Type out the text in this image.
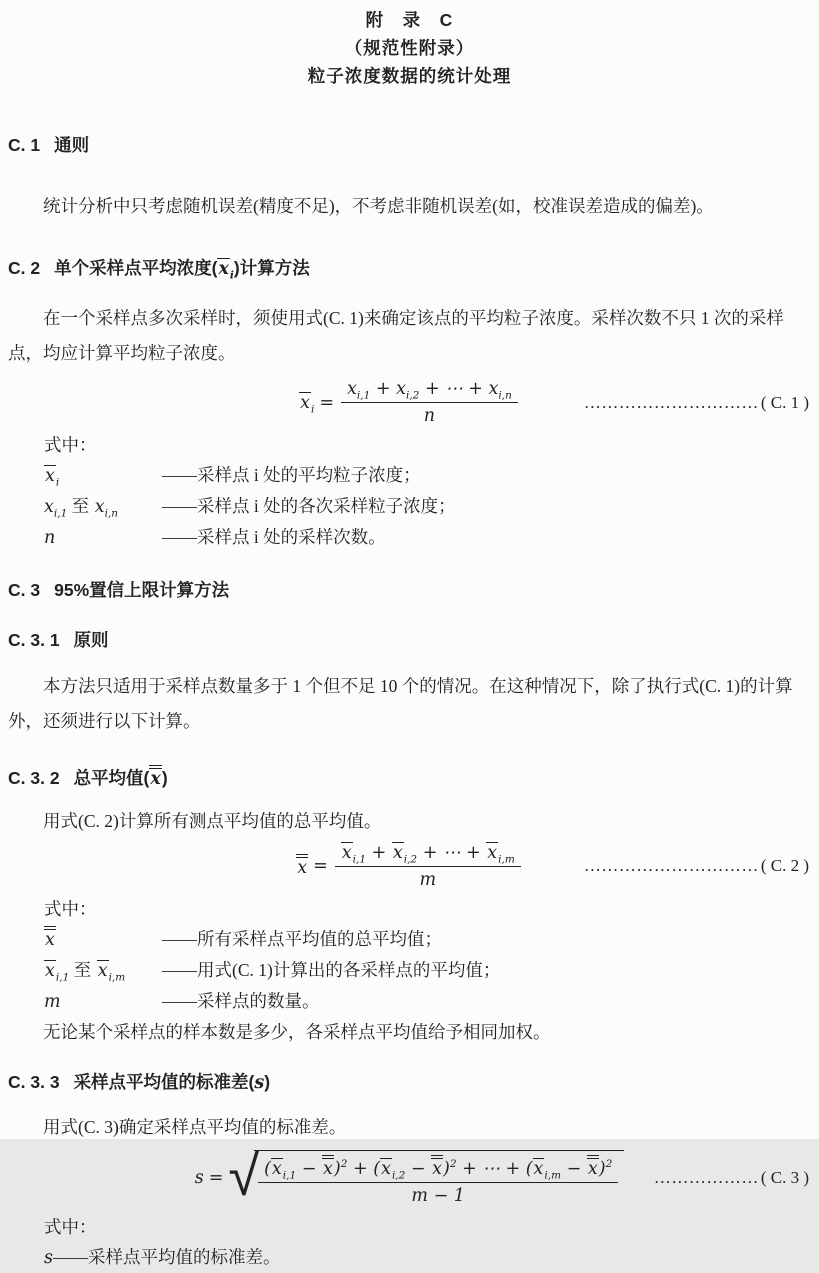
附　录　C
（规范性附录）
粒子浓度数据的统计处理
C. 1 通则

统计分析中只考虑随机误差(精度不足)，不考虑非随机误差(如，校准误差造成的偏差)。

C. 2 单个采样点平均浓度$(x_i)$计算方法

在一个采样点多次采样时，须使用式(C. 1)来确定该点的平均粒子浓度。采样次数不只 1 次的采样点，均应计算平均粒子浓度。

$x_i = \frac{x_{i,1} + x_{i,2} + \cdots + x_{i,n}}{n}$	………………………… ( C. 1 )
式中：
$x_i$	——采样点 i 处的平均粒子浓度；
$x_{i,1}$ 至 $x_{i,n}$	——采样点 i 处的各次采样粒子浓度；
n	——采样点 i 处的采样次数。
C. 3 95%置信上限计算方法
C. 3. 1 原则

本方法只适用于采样点数量多于 1 个但不足 10 个的情况。在这种情况下，除了执行式(C. 1)的计算外，还须进行以下计算。

C. 3. 2 总平均值(x)

用式(C. 2)计算所有测点平均值的总平均值。

$x = \frac{x_{i,1} + x_{i,2} + \cdots + x_{i,m}}{m}$	………………………… ( C. 2 )
式中：
x	——所有采样点平均值的总平均值；
$x_{i,1}$ 至 $x_{i,m}$	——用式(C. 1)计算出的各采样点的平均值；
m	——采样点的数量。

无论某个采样点的样本数是多少，各采样点平均值给予相同加权。

C. 3. 3 采样点平均值的标准差(s)

用式(C. 3)确定采样点平均值的标准差。

s = √ $\frac{(x_{i,1} - x)^2 + (x_{i,2} - x)^2 + \cdots + (x_{i,m} - x)^2}{m - 1}$ ……………… ( C. 3 )
式中：
s——采样点平均值的标准差。
